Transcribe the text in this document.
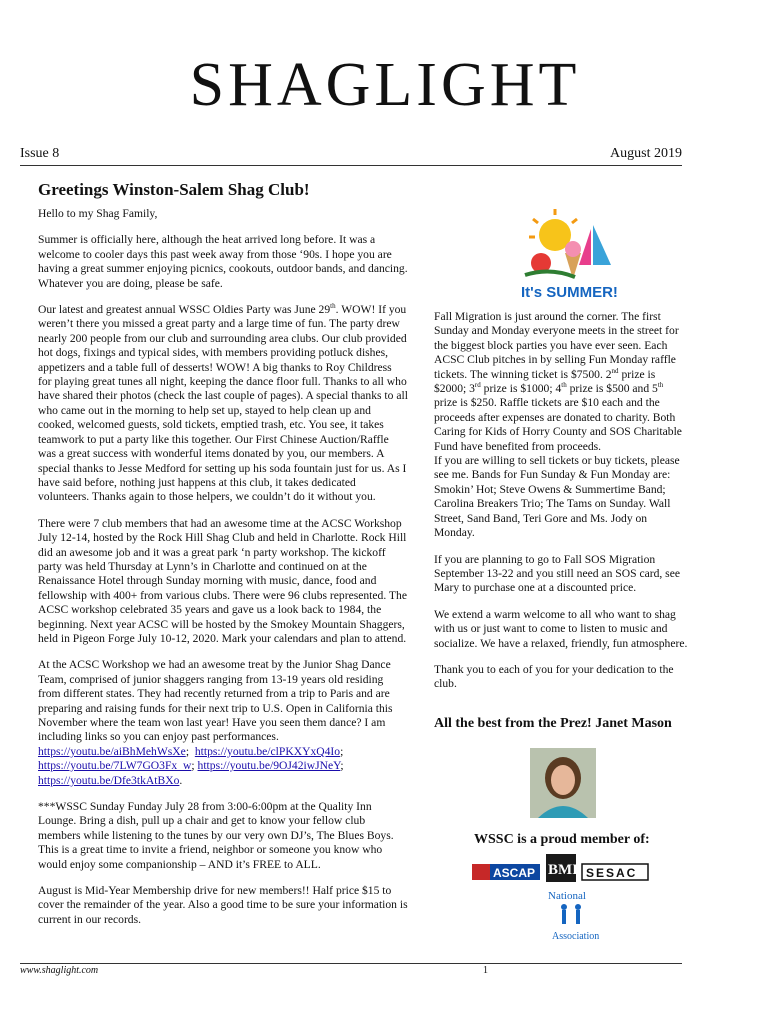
SHAGLIGHT
Issue 8	August 2019
Greetings Winston-Salem Shag Club!

Hello to my Shag Family,

Summer is officially here, although the heat arrived long before. It was a welcome to cooler days this past week away from those ‘90s. I hope you are having a great summer enjoying picnics, cookouts, outdoor bands, and dancing. Whatever you are doing, please be safe.

Our latest and greatest annual WSSC Oldies Party was June 29th. WOW! If you weren’t there you missed a great party and a large time of fun. The party drew nearly 200 people from our club and surrounding area clubs. Our club provided hot dogs, fixings and typical sides, with members providing potluck dishes, appetizers and a table full of desserts! WOW! A big thanks to Roy Childress for playing great tunes all night, keeping the dance floor full. Thanks to all who have shared their photos (check the last couple of pages). A special thanks to all who came out in the morning to help set up, stayed to help clean up and cooked, welcomed guests, sold tickets, emptied trash, etc. You see, it takes teamwork to put a party like this together. Our First Chinese Auction/Raffle was a great success with wonderful items donated by you, our members. A special thanks to Jesse Medford for setting up his soda fountain just for us. As I have said before, nothing just happens at this club, it takes dedicated volunteers. Thanks again to those helpers, we couldn’t do it without you.

There were 7 club members that had an awesome time at the ACSC Workshop July 12-14, hosted by the Rock Hill Shag Club and held in Charlotte. Rock Hill did an awesome job and it was a great park ‘n party workshop. The kickoff party was held Thursday at Lynn’s in Charlotte and continued on at the Renaissance Hotel through Sunday morning with music, dance, food and fellowship with 400+ from various clubs. There were 96 clubs represented. The ACSC workshop celebrated 35 years and gave us a look back to 1984, the beginning. Next year ACSC will be hosted by the Smokey Mountain Shaggers, held in Pigeon Forge July 10-12, 2020. Mark your calendars and plan to attend.

At the ACSC Workshop we had an awesome treat by the Junior Shag Dance Team, comprised of junior shaggers ranging from 13-19 years old residing from different states. They had recently returned from a trip to Paris and are preparing and raising funds for their next trip to U.S. Open in California this November where the team won last year! Have you seen them dance? I am including links so you can enjoy past performances.
https://youtu.be/aiBhMehWsXe;  https://youtu.be/clPKXYxQ4Io; https://youtu.be/7LW7GO3Fx_w; https://youtu.be/9OJ42iwJNeY; https://youtu.be/Dfe3tkAtBXo.

***WSSC Sunday Funday July 28 from 3:00-6:00pm at the Quality Inn Lounge. Bring a dish, pull up a chair and get to know your fellow club members while listening to the tunes by our very own DJ’s, The Blues Boys. This is a great time to invite a friend, neighbor or someone you know who would enjoy some companionship – AND it’s FREE to ALL.

August is Mid-Year Membership drive for new members!! Half price $15 to cover the remainder of the year. Also a good time to be sure your information is current in our records.

It's SUMMER!

Fall Migration is just around the corner. The first Sunday and Monday everyone meets in the street for the biggest block parties you have ever seen. Each ACSC Club pitches in by selling Fun Monday raffle tickets. The winning ticket is $7500. 2nd prize is $2000; 3rd prize is $1000; 4th prize is $500 and 5th prize is $250. Raffle tickets are $10 each and the proceeds after expenses are donated to charity. Both Caring for Kids of Horry County and SOS Charitable Fund have benefited from proceeds.

If you are willing to sell tickets or buy tickets, please see me. Bands for Fun Sunday & Fun Monday are: Smokin’ Hot; Steve Owens & Summertime Band; Carolina Breakers Trio; The Tams on Sunday. Wall Street, Sand Band, Teri Gore and Ms. Jody on Monday.

If you are planning to go to Fall SOS Migration September 13-22 and you still need an SOS card, see Mary to purchase one at a discounted price.

We extend a warm welcome to all who want to shag with us or just want to come to listen to music and socialize. We have a relaxed, friendly, fun atmosphere.

Thank you to each of you for your dedication to the club.

All the best from the Prez! Janet Mason
WSSC is a proud member of:
ASCAP BMI SESAC
National
Association
www.shaglight.com	1
